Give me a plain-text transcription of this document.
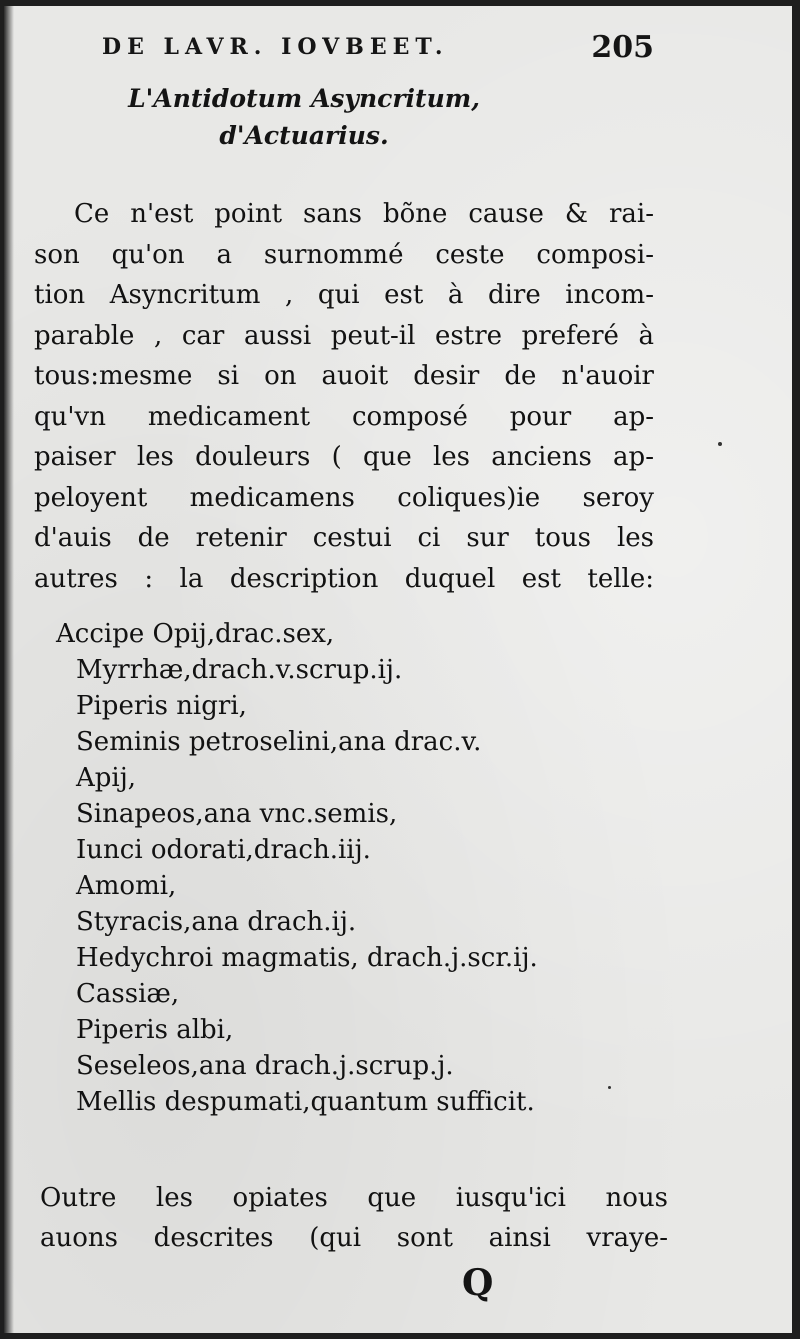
DE LAVR. IOVBEET.	205
L'Antidotum Asyncritum,
d'Actuarius.
Ce n'est point sans bõne cause & rai-
son qu'on a surnommé ceste composi-
tion Asyncritum , qui est à dire incom-
parable , car aussi peut-il estre preferé à
tous:mesme si on auoit desir de n'auoir
qu'vn medicament composé pour ap-
paiser les douleurs ( que les anciens ap-
peloyent medicamens coliques)ie seroy
d'auis de retenir cestui ci sur tous les
autres : la description duquel est telle:
Accipe Opij,drac.sex,
Myrrhæ,drach.v.scrup.ij.
Piperis nigri,
Seminis petroselini,ana drac.v.
Apij,
Sinapeos,ana vnc.semis,
Iunci odorati,drach.iij.
Amomi,
Styracis,ana drach.ij.
Hedychroi magmatis, drach.j.scr.ij.
Cassiæ,
Piperis albi,
Seseleos,ana drach.j.scrup.j.
Mellis despumati,quantum sufficit.
Outre les opiates que iusqu'ici nous
auons descrites (qui sont ainsi vraye-
Q
